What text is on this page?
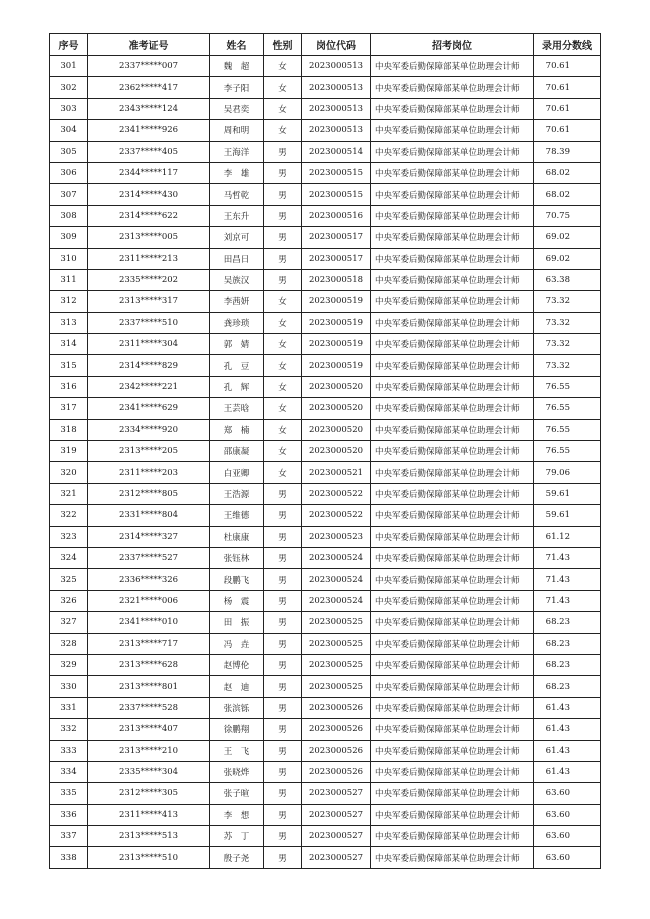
序号	准考证号	姓名	性别	岗位代码	招考岗位	录用分数线
301	2337*****007	魏　超	女	2023000513	中央军委后勤保障部某单位助理会计师	70.61
302	2362*****417	李子阳	女	2023000513	中央军委后勤保障部某单位助理会计师	70.61
303	2343*****124	吴君奕	女	2023000513	中央军委后勤保障部某单位助理会计师	70.61
304	2341*****926	周和明	女	2023000513	中央军委后勤保障部某单位助理会计师	70.61
305	2337*****405	王海洋	男	2023000514	中央军委后勤保障部某单位助理会计师	78.39
306	2344*****117	李　雄	男	2023000515	中央军委后勤保障部某单位助理会计师	68.02
307	2314*****430	马哲乾	男	2023000515	中央军委后勤保障部某单位助理会计师	68.02
308	2314*****622	王东升	男	2023000516	中央军委后勤保障部某单位助理会计师	70.75
309	2313*****005	刘京可	男	2023000517	中央军委后勤保障部某单位助理会计师	69.02
310	2311*****213	田昌日	男	2023000517	中央军委后勤保障部某单位助理会计师	69.02
311	2335*****202	吴族汉	男	2023000518	中央军委后勤保障部某单位助理会计师	63.38
312	2313*****317	李茜妍	女	2023000519	中央军委后勤保障部某单位助理会计师	73.32
313	2337*****510	龚珍琐	女	2023000519	中央军委后勤保障部某单位助理会计师	73.32
314	2311*****304	郭　婧	女	2023000519	中央军委后勤保障部某单位助理会计师	73.32
315	2314*****829	孔　豆	女	2023000519	中央军委后勤保障部某单位助理会计师	73.32
316	2342*****221	孔　辉	女	2023000520	中央军委后勤保障部某单位助理会计师	76.55
317	2341*****629	王芸晗	女	2023000520	中央军委后勤保障部某单位助理会计师	76.55
318	2334*****920	郑　楠	女	2023000520	中央军委后勤保障部某单位助理会计师	76.55
319	2313*****205	邵康凝	女	2023000520	中央军委后勤保障部某单位助理会计师	76.55
320	2311*****203	白亚卿	女	2023000521	中央军委后勤保障部某单位助理会计师	79.06
321	2312*****805	王浩源	男	2023000522	中央军委后勤保障部某单位助理会计师	59.61
322	2331*****804	王维德	男	2023000522	中央军委后勤保障部某单位助理会计师	59.61
323	2314*****327	杜康康	男	2023000523	中央军委后勤保障部某单位助理会计师	61.12
324	2337*****527	张钰林	男	2023000524	中央军委后勤保障部某单位助理会计师	71.43
325	2336*****326	段鹏飞	男	2023000524	中央军委后勤保障部某单位助理会计师	71.43
326	2321*****006	杨　震	男	2023000524	中央军委后勤保障部某单位助理会计师	71.43
327	2341*****010	田　振	男	2023000525	中央军委后勤保障部某单位助理会计师	68.23
328	2313*****717	冯　垚	男	2023000525	中央军委后勤保障部某单位助理会计师	68.23
329	2313*****628	赵博伦	男	2023000525	中央军委后勤保障部某单位助理会计师	68.23
330	2313*****801	赵　迪	男	2023000525	中央军委后勤保障部某单位助理会计师	68.23
331	2337*****528	张滨铄	男	2023000526	中央军委后勤保障部某单位助理会计师	61.43
332	2313*****407	徐鹏翔	男	2023000526	中央军委后勤保障部某单位助理会计师	61.43
333	2313*****210	王　飞	男	2023000526	中央军委后勤保障部某单位助理会计师	61.43
334	2335*****304	张晓烨	男	2023000526	中央军委后勤保障部某单位助理会计师	61.43
335	2312*****305	张子暄	男	2023000527	中央军委后勤保障部某单位助理会计师	63.60
336	2311*****413	李　想	男	2023000527	中央军委后勤保障部某单位助理会计师	63.60
337	2313*****513	苏　丁	男	2023000527	中央军委后勤保障部某单位助理会计师	63.60
338	2313*****510	殷子尧	男	2023000527	中央军委后勤保障部某单位助理会计师	63.60
